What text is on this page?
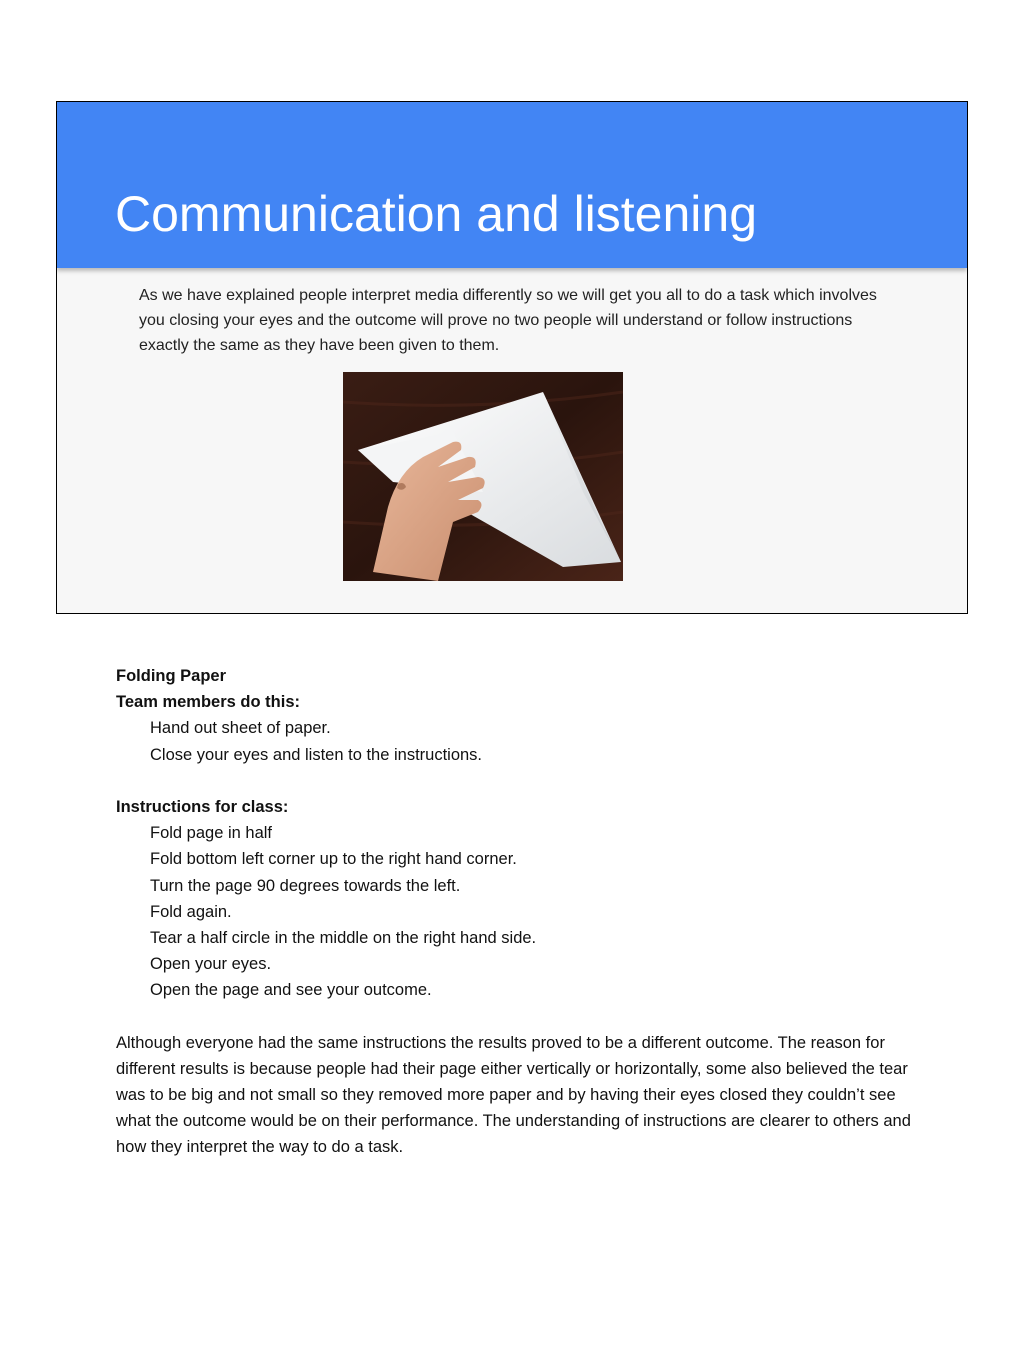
Communication and listening

As we have explained people interpret media differently so we will get you all to do a task which involves you closing your eyes and the outcome will prove no two people will understand or follow instructions exactly the same as they have been given to them.

Folding Paper
Team members do this:
Hand out sheet of paper.
Close your eyes and listen to the instructions.
Instructions for class:
Fold page in half
Fold bottom left corner up to the right hand corner.
Turn the page 90 degrees towards the left.
Fold again.
Tear a half circle in the middle on the right hand side.
Open your eyes.
Open the page and see your outcome.

Although everyone had the same instructions the results proved to be a different outcome. The reason for different results is because people had their page either vertically or horizontally, some also believed the tear was to be big and not small so they removed more paper and by having their eyes closed they couldn’t see what the outcome would be on their performance. The understanding of instructions are clearer to others and how they interpret the way to do a task.
